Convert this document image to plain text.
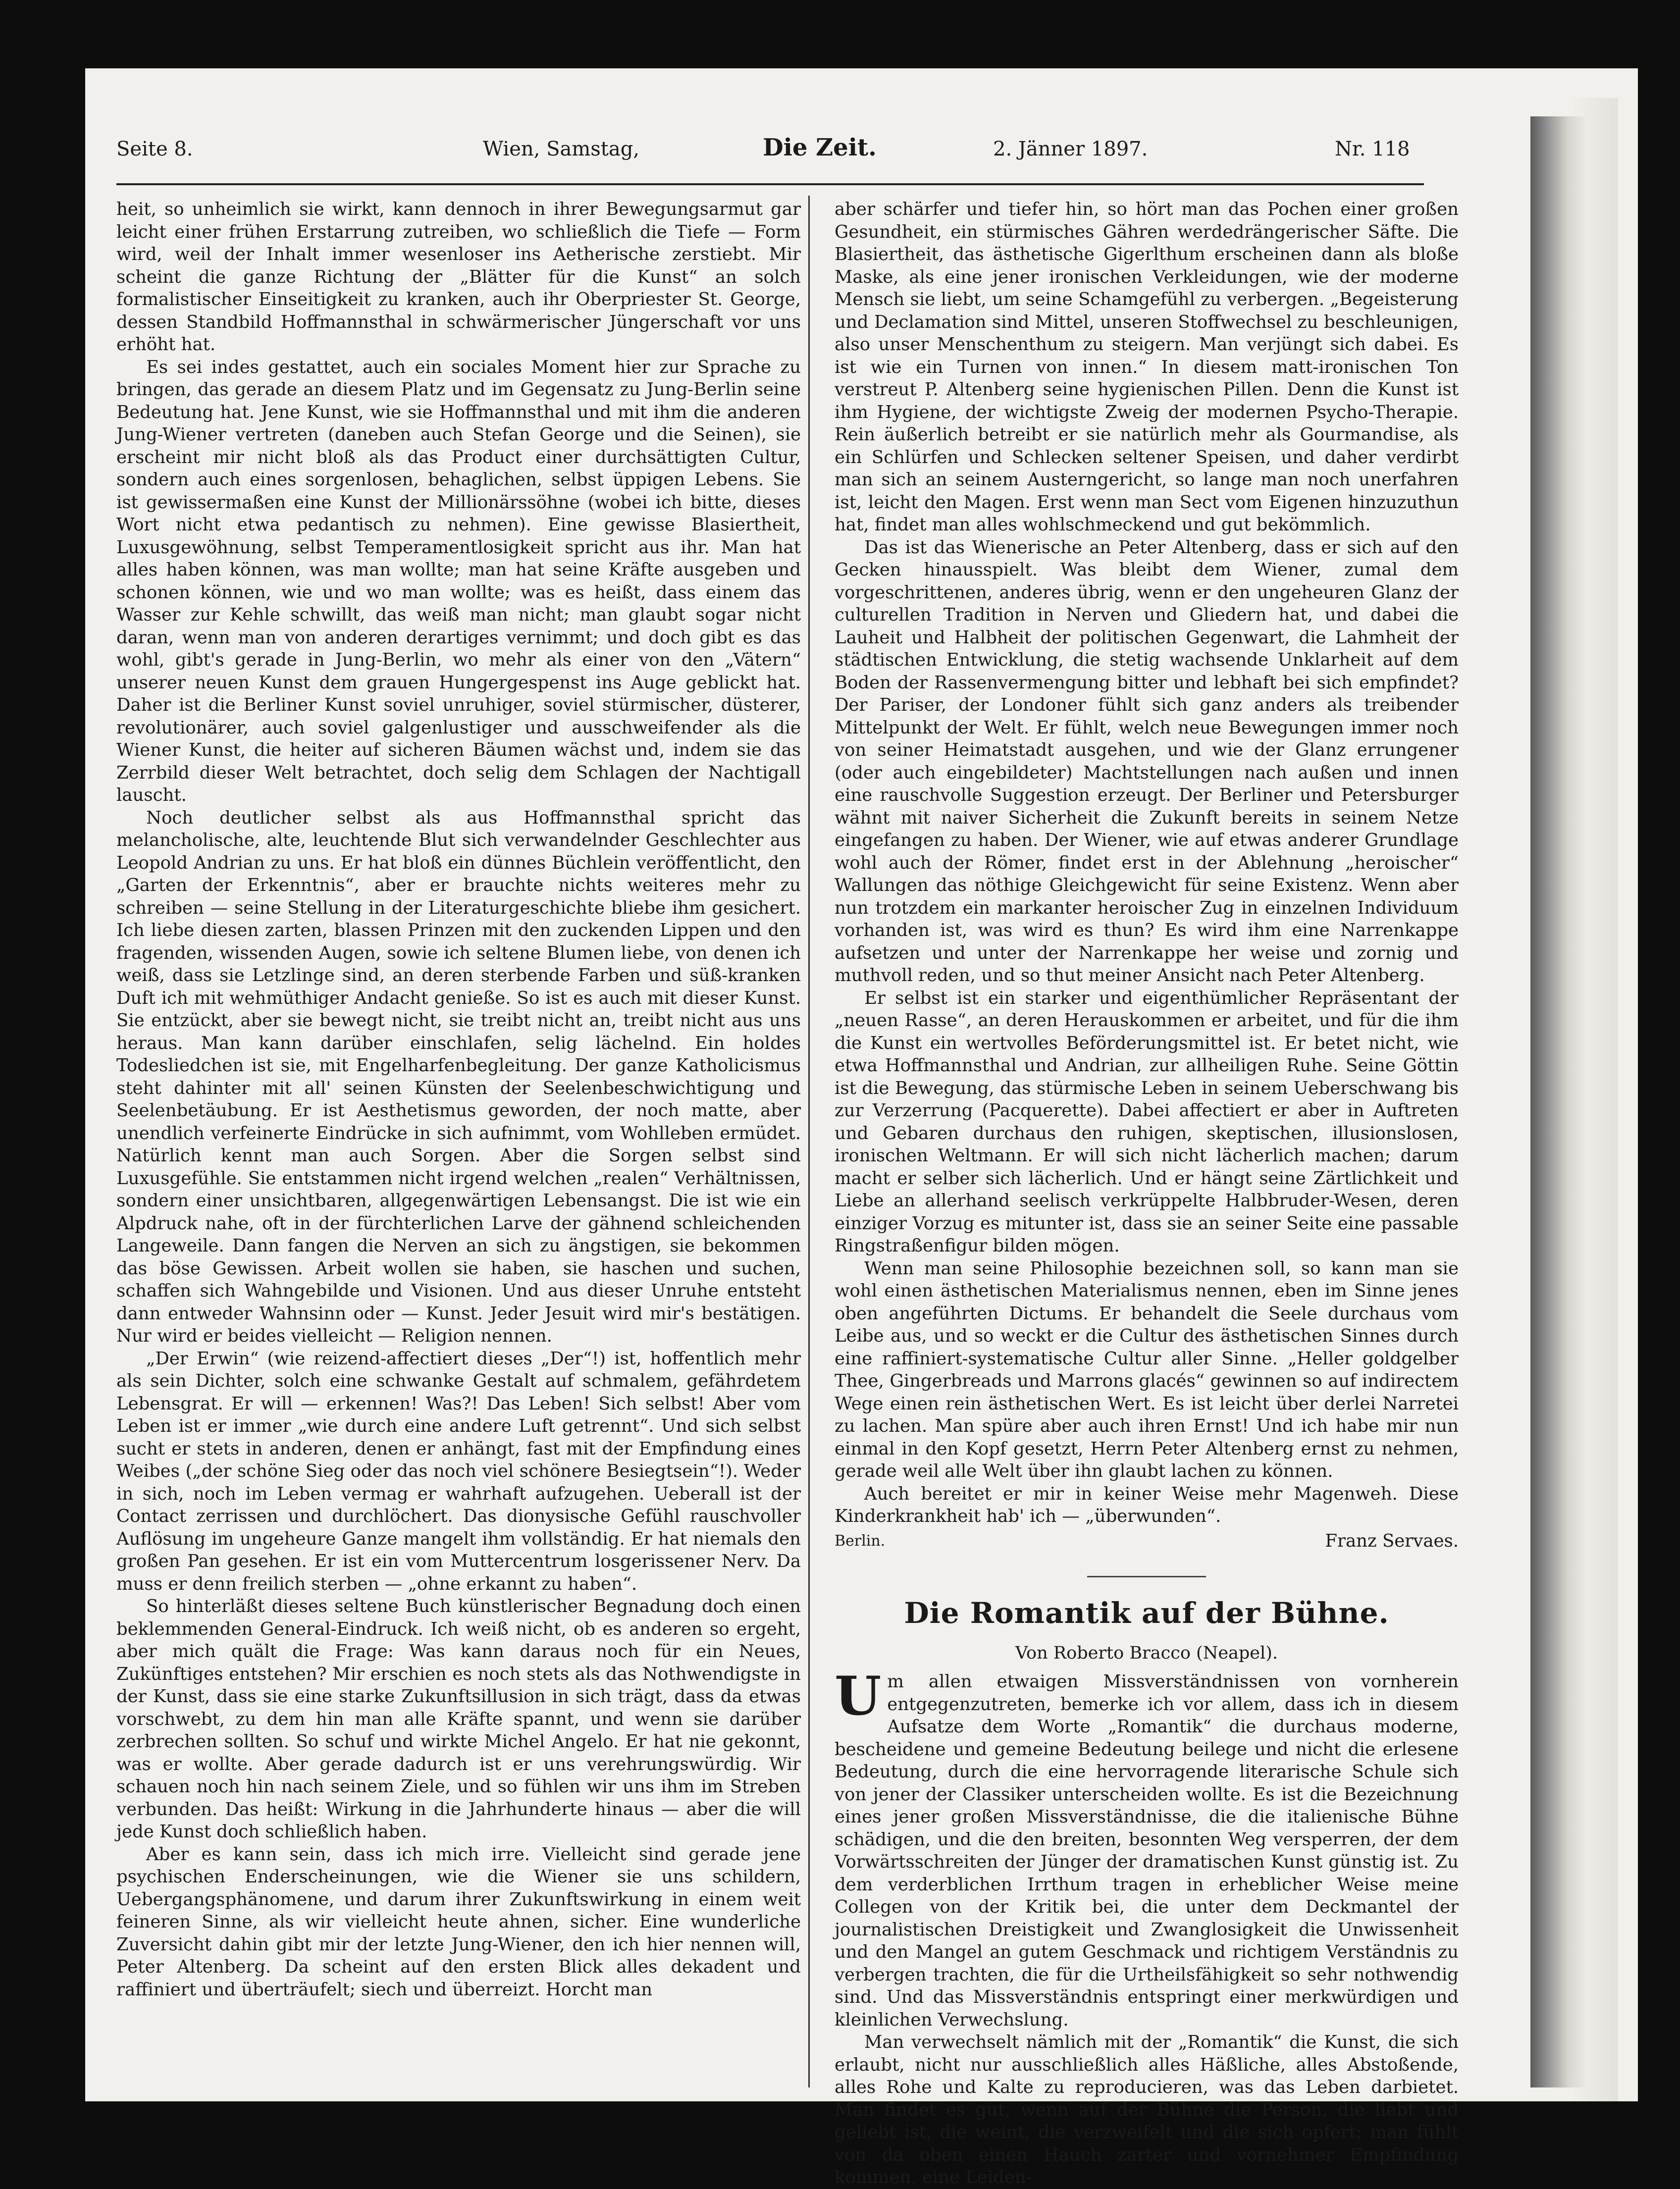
Seite 8.	Wien, Samstag,	Die Zeit.	2. Jänner 1897.	Nr. 118

heit, so unheimlich sie wirkt, kann dennoch in ihrer Bewegungsarmut gar leicht einer frühen Erstarrung zutreiben, wo schließlich die Tiefe — Form wird, weil der Inhalt immer wesenloser ins Aetherische zerstiebt. Mir scheint die ganze Richtung der „Blätter für die Kunst“ an solch formalistischer Einseitigkeit zu kranken, auch ihr Oberpriester St. George, dessen Standbild Hoffmannsthal in schwärmerischer Jüngerschaft vor uns erhöht hat.

Es sei indes gestattet, auch ein sociales Moment hier zur Sprache zu bringen, das gerade an diesem Platz und im Gegensatz zu Jung-Berlin seine Bedeutung hat. Jene Kunst, wie sie Hoffmannsthal und mit ihm die anderen Jung-Wiener vertreten (daneben auch Stefan George und die Seinen), sie erscheint mir nicht bloß als das Product einer durchsättigten Cultur, sondern auch eines sorgenlosen, behaglichen, selbst üppigen Lebens. Sie ist gewissermaßen eine Kunst der Millionärssöhne (wobei ich bitte, dieses Wort nicht etwa pedantisch zu nehmen). Eine gewisse Blasiertheit, Luxusgewöhnung, selbst Temperamentlosigkeit spricht aus ihr. Man hat alles haben können, was man wollte; man hat seine Kräfte ausgeben und schonen können, wie und wo man wollte; was es heißt, dass einem das Wasser zur Kehle schwillt, das weiß man nicht; man glaubt sogar nicht daran, wenn man von anderen derartiges vernimmt; und doch gibt es das wohl, gibt's gerade in Jung-Berlin, wo mehr als einer von den „Vätern“ unserer neuen Kunst dem grauen Hungergespenst ins Auge geblickt hat. Daher ist die Berliner Kunst soviel unruhiger, soviel stürmischer, düsterer, revolutionärer, auch soviel galgenlustiger und ausschweifender als die Wiener Kunst, die heiter auf sicheren Bäumen wächst und, indem sie das Zerrbild dieser Welt betrachtet, doch selig dem Schlagen der Nachtigall lauscht.

Noch deutlicher selbst als aus Hoffmannsthal spricht das melancholische, alte, leuchtende Blut sich verwandelnder Geschlechter aus Leopold Andrian zu uns. Er hat bloß ein dünnes Büchlein veröffentlicht, den „Garten der Erkenntnis“, aber er brauchte nichts weiteres mehr zu schreiben — seine Stellung in der Literaturgeschichte bliebe ihm gesichert. Ich liebe diesen zarten, blassen Prinzen mit den zuckenden Lippen und den fragenden, wissenden Augen, sowie ich seltene Blumen liebe, von denen ich weiß, dass sie Letzlinge sind, an deren sterbende Farben und süß-kranken Duft ich mit wehmüthiger Andacht genieße. So ist es auch mit dieser Kunst. Sie entzückt, aber sie bewegt nicht, sie treibt nicht an, treibt nicht aus uns heraus. Man kann darüber einschlafen, selig lächelnd. Ein holdes Todesliedchen ist sie, mit Engelharfenbegleitung. Der ganze Katholicismus steht dahinter mit all' seinen Künsten der Seelenbeschwichtigung und Seelenbetäubung. Er ist Aesthetismus geworden, der noch matte, aber unendlich verfeinerte Eindrücke in sich aufnimmt, vom Wohlleben ermüdet. Natürlich kennt man auch Sorgen. Aber die Sorgen selbst sind Luxusgefühle. Sie entstammen nicht irgend welchen „realen“ Verhältnissen, sondern einer unsichtbaren, allgegenwärtigen Lebensangst. Die ist wie ein Alpdruck nahe, oft in der fürchterlichen Larve der gähnend schleichenden Langeweile. Dann fangen die Nerven an sich zu ängstigen, sie bekommen das böse Gewissen. Arbeit wollen sie haben, sie haschen und suchen, schaffen sich Wahngebilde und Visionen. Und aus dieser Unruhe entsteht dann entweder Wahnsinn oder — Kunst. Jeder Jesuit wird mir's bestätigen. Nur wird er beides vielleicht — Religion nennen.

„Der Erwin“ (wie reizend-affectiert dieses „Der“!) ist, hoffentlich mehr als sein Dichter, solch eine schwanke Gestalt auf schmalem, gefährdetem Lebensgrat. Er will — erkennen! Was?! Das Leben! Sich selbst! Aber vom Leben ist er immer „wie durch eine andere Luft getrennt“. Und sich selbst sucht er stets in anderen, denen er anhängt, fast mit der Empfindung eines Weibes („der schöne Sieg oder das noch viel schönere Besiegtsein“!). Weder in sich, noch im Leben vermag er wahrhaft aufzugehen. Ueberall ist der Contact zerrissen und durchlöchert. Das dionysische Gefühl rauschvoller Auflösung im ungeheure Ganze mangelt ihm vollständig. Er hat niemals den großen Pan gesehen. Er ist ein vom Muttercentrum losgerissener Nerv. Da muss er denn freilich sterben — „ohne erkannt zu haben“.

So hinterläßt dieses seltene Buch künstlerischer Begnadung doch einen beklemmenden General-Eindruck. Ich weiß nicht, ob es anderen so ergeht, aber mich quält die Frage: Was kann daraus noch für ein Neues, Zukünftiges entstehen? Mir erschien es noch stets als das Nothwendigste in der Kunst, dass sie eine starke Zukunftsillusion in sich trägt, dass da etwas vorschwebt, zu dem hin man alle Kräfte spannt, und wenn sie darüber zerbrechen sollten. So schuf und wirkte Michel Angelo. Er hat nie gekonnt, was er wollte. Aber gerade dadurch ist er uns verehrungswürdig. Wir schauen noch hin nach seinem Ziele, und so fühlen wir uns ihm im Streben verbunden. Das heißt: Wirkung in die Jahrhunderte hinaus — aber die will jede Kunst doch schließlich haben.

Aber es kann sein, dass ich mich irre. Vielleicht sind gerade jene psychischen Enderscheinungen, wie die Wiener sie uns schildern, Uebergangsphänomene, und darum ihrer Zukunftswirkung in einem weit feineren Sinne, als wir vielleicht heute ahnen, sicher. Eine wunderliche Zuversicht dahin gibt mir der letzte Jung-Wiener, den ich hier nennen will, Peter Altenberg. Da scheint auf den ersten Blick alles dekadent und raffiniert und überträufelt; siech und überreizt. Horcht man

aber schärfer und tiefer hin, so hört man das Pochen einer großen Gesundheit, ein stürmisches Gähren werdedrängerischer Säfte. Die Blasiertheit, das ästhetische Gigerlthum erscheinen dann als bloße Maske, als eine jener ironischen Verkleidungen, wie der moderne Mensch sie liebt, um seine Schamgefühl zu verbergen. „Begeisterung und Declamation sind Mittel, unseren Stoffwechsel zu beschleunigen, also unser Menschenthum zu steigern. Man verjüngt sich dabei. Es ist wie ein Turnen von innen.“ In diesem matt-ironischen Ton verstreut P. Altenberg seine hygienischen Pillen. Denn die Kunst ist ihm Hygiene, der wichtigste Zweig der modernen Psycho-Therapie. Rein äußerlich betreibt er sie natürlich mehr als Gourmandise, als ein Schlürfen und Schlecken seltener Speisen, und daher verdirbt man sich an seinem Austerngericht, so lange man noch unerfahren ist, leicht den Magen. Erst wenn man Sect vom Eigenen hinzuzuthun hat, findet man alles wohlschmeckend und gut bekömmlich.

Das ist das Wienerische an Peter Altenberg, dass er sich auf den Gecken hinausspielt. Was bleibt dem Wiener, zumal dem vorgeschrittenen, anderes übrig, wenn er den ungeheuren Glanz der culturellen Tradition in Nerven und Gliedern hat, und dabei die Lauheit und Halbheit der politischen Gegenwart, die Lahmheit der städtischen Entwicklung, die stetig wachsende Unklarheit auf dem Boden der Rassenvermengung bitter und lebhaft bei sich empfindet? Der Pariser, der Londoner fühlt sich ganz anders als treibender Mittelpunkt der Welt. Er fühlt, welch neue Bewegungen immer noch von seiner Heimatstadt ausgehen, und wie der Glanz errungener (oder auch eingebildeter) Machtstellungen nach außen und innen eine rauschvolle Suggestion erzeugt. Der Berliner und Petersburger wähnt mit naiver Sicherheit die Zukunft bereits in seinem Netze eingefangen zu haben. Der Wiener, wie auf etwas anderer Grundlage wohl auch der Römer, findet erst in der Ablehnung „heroischer“ Wallungen das nöthige Gleichgewicht für seine Existenz. Wenn aber nun trotzdem ein markanter heroischer Zug in einzelnen Individuum vorhanden ist, was wird es thun? Es wird ihm eine Narrenkappe aufsetzen und unter der Narrenkappe her weise und zornig und muthvoll reden, und so thut meiner Ansicht nach Peter Altenberg.

Er selbst ist ein starker und eigenthümlicher Repräsentant der „neuen Rasse“, an deren Herauskommen er arbeitet, und für die ihm die Kunst ein wertvolles Beförderungsmittel ist. Er betet nicht, wie etwa Hoffmannsthal und Andrian, zur allheiligen Ruhe. Seine Göttin ist die Bewegung, das stürmische Leben in seinem Ueberschwang bis zur Verzerrung (Pacquerette). Dabei affectiert er aber in Auftreten und Gebaren durchaus den ruhigen, skeptischen, illusionslosen, ironischen Weltmann. Er will sich nicht lächerlich machen; darum macht er selber sich lächerlich. Und er hängt seine Zärtlichkeit und Liebe an allerhand seelisch verkrüppelte Halbbruder-Wesen, deren einziger Vorzug es mitunter ist, dass sie an seiner Seite eine passable Ringstraßenfigur bilden mögen.

Wenn man seine Philosophie bezeichnen soll, so kann man sie wohl einen ästhetischen Materialismus nennen, eben im Sinne jenes oben angeführten Dictums. Er behandelt die Seele durchaus vom Leibe aus, und so weckt er die Cultur des ästhetischen Sinnes durch eine raffiniert-systematische Cultur aller Sinne. „Heller goldgelber Thee, Gingerbreads und Marrons glacés“ gewinnen so auf indirectem Wege einen rein ästhetischen Wert. Es ist leicht über derlei Narretei zu lachen. Man spüre aber auch ihren Ernst! Und ich habe mir nun einmal in den Kopf gesetzt, Herrn Peter Altenberg ernst zu nehmen, gerade weil alle Welt über ihn glaubt lachen zu können.

Auch bereitet er mir in keiner Weise mehr Magenweh. Diese Kinderkrankheit hab' ich — „überwunden“.

Berlin.	Franz Servaes.
Die Romantik auf der Bühne.
Von Roberto Bracco (Neapel).

Um allen etwaigen Missverständnissen von vornherein entgegenzutreten, bemerke ich vor allem, dass ich in diesem Aufsatze dem Worte „Romantik“ die durchaus moderne, bescheidene und gemeine Bedeutung beilege und nicht die erlesene Bedeutung, durch die eine hervorragende literarische Schule sich von jener der Classiker unterscheiden wollte. Es ist die Bezeichnung eines jener großen Missverständnisse, die die italienische Bühne schädigen, und die den breiten, besonnten Weg versperren, der dem Vorwärtsschreiten der Jünger der dramatischen Kunst günstig ist. Zu dem verderblichen Irrthum tragen in erheblicher Weise meine Collegen von der Kritik bei, die unter dem Deckmantel der journalistischen Dreistigkeit und Zwanglosigkeit die Unwissenheit und den Mangel an gutem Geschmack und richtigem Verständnis zu verbergen trachten, die für die Urtheilsfähigkeit so sehr nothwendig sind. Und das Missverständnis entspringt einer merkwürdigen und kleinlichen Verwechslung.

Man verwechselt nämlich mit der „Romantik“ die Kunst, die sich erlaubt, nicht nur ausschließlich alles Häßliche, alles Abstoßende, alles Rohe und Kalte zu reproducieren, was das Leben darbietet. Man findet es gut, wenn auf der Bühne die Person, die liebt und geliebt ist, die weint, die verzweifelt und die sich opfert; man fühlt von da oben einen Hauch zarter und vornehmer Empfindung kommen, eine Leiden-
